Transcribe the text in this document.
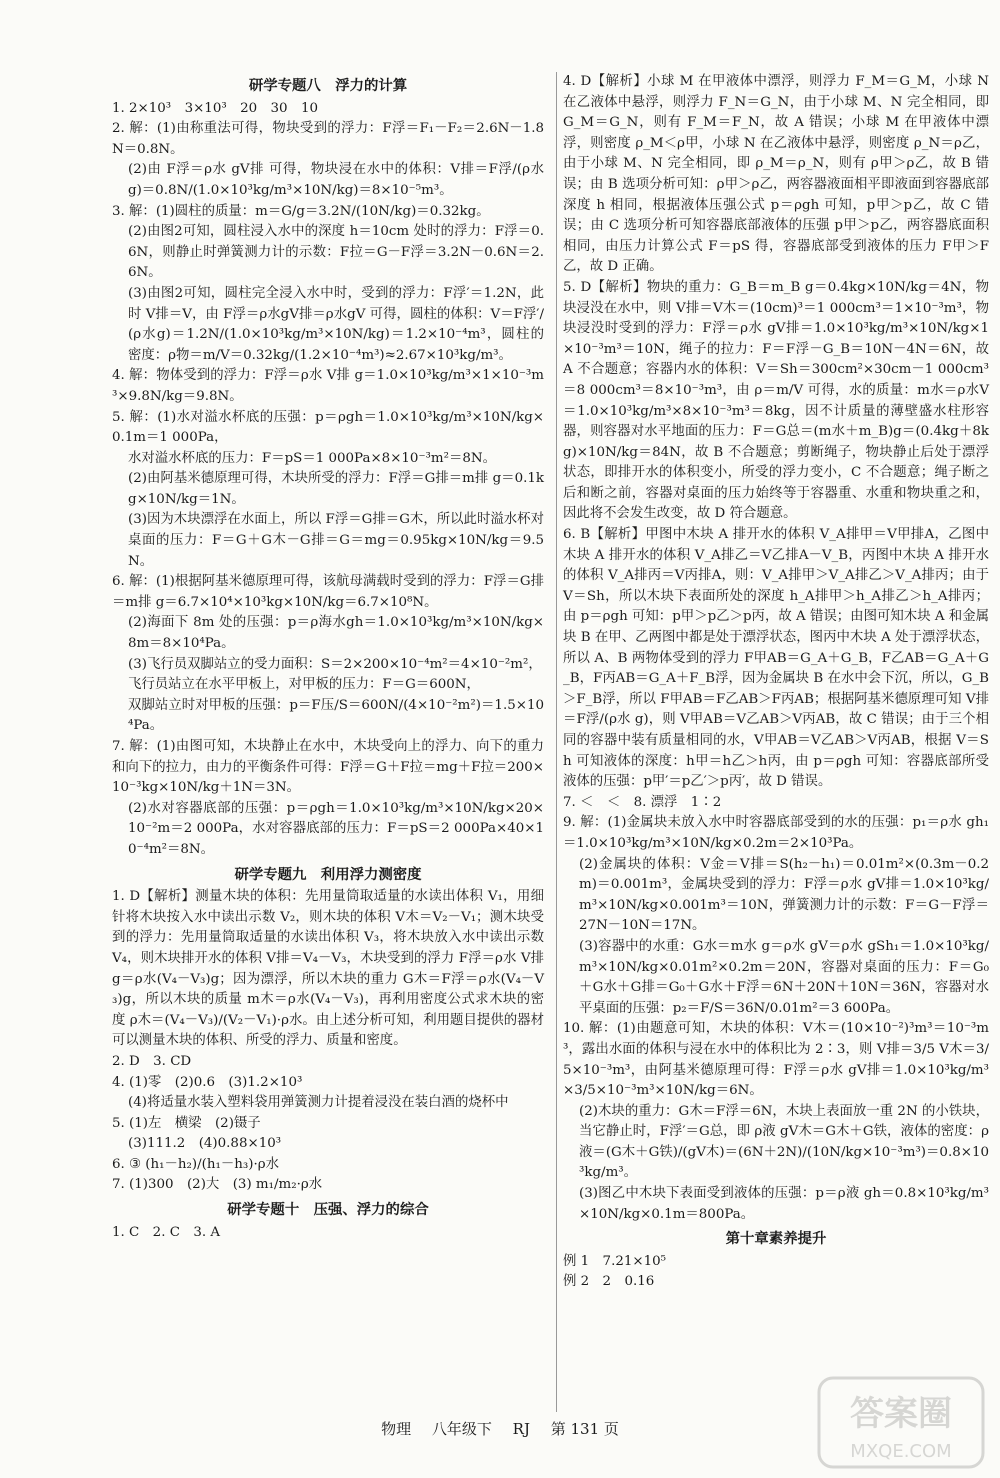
研学专题八　浮力的计算

1. 2×10³　3×10³　20　30　10

2. 解：(1)由称重法可得，物块受到的浮力：F浮＝F₁－F₂＝2.6N－1.8N＝0.8N。

(2)由 F浮＝ρ水 gV排 可得，物块浸在水中的体积：V排＝F浮/(ρ水 g)＝0.8N/(1.0×10³kg/m³×10N/kg)＝8×10⁻⁵m³。

3. 解：(1)圆柱的质量：m＝G/g＝3.2N/(10N/kg)＝0.32kg。

(2)由图2可知，圆柱浸入水中的深度 h＝10cm 处时的浮力：F浮＝0.6N，则静止时弹簧测力计的示数：F拉＝G－F浮＝3.2N－0.6N＝2.6N。

(3)由图2可知，圆柱完全浸入水中时，受到的浮力：F浮′＝1.2N，此时 V排＝V，由 F浮＝ρ水gV排＝ρ水gV 可得，圆柱的体积：V＝F浮′/(ρ水g)＝1.2N/(1.0×10³kg/m³×10N/kg)＝1.2×10⁻⁴m³，圆柱的密度：ρ物＝m/V＝0.32kg/(1.2×10⁻⁴m³)≈2.67×10³kg/m³。

4. 解：物体受到的浮力：F浮＝ρ水 V排 g＝1.0×10³kg/m³×1×10⁻³m³×9.8N/kg＝9.8N。

5. 解：(1)水对溢水杯底的压强：p＝ρgh＝1.0×10³kg/m³×10N/kg×0.1m＝1 000Pa，

水对溢水杯底的压力：F＝pS＝1 000Pa×8×10⁻³m²＝8N。

(2)由阿基米德原理可得，木块所受的浮力：F浮＝G排＝m排 g＝0.1kg×10N/kg＝1N。

(3)因为木块漂浮在水面上，所以 F浮＝G排＝G木，所以此时溢水杯对桌面的压力：F＝G＋G木－G排＝G＝mg＝0.95kg×10N/kg＝9.5N。

6. 解：(1)根据阿基米德原理可得，该航母满载时受到的浮力：F浮＝G排＝m排 g＝6.7×10⁴×10³kg×10N/kg＝6.7×10⁸N。

(2)海面下 8m 处的压强：p＝ρ海水gh＝1.0×10³kg/m³×10N/kg×8m＝8×10⁴Pa。

(3)飞行员双脚站立的受力面积：S＝2×200×10⁻⁴m²＝4×10⁻²m²，

飞行员站立在水平甲板上，对甲板的压力：F＝G＝600N，

双脚站立时对甲板的压强：p＝F压/S＝600N/(4×10⁻²m²)＝1.5×10⁴Pa。

7. 解：(1)由图可知，木块静止在水中，木块受向上的浮力、向下的重力和向下的拉力，由力的平衡条件可得：F浮＝G＋F拉＝mg＋F拉＝200×10⁻³kg×10N/kg＋1N＝3N。

(2)水对容器底部的压强：p＝ρgh＝1.0×10³kg/m³×10N/kg×20×10⁻²m＝2 000Pa，水对容器底部的压力：F＝pS＝2 000Pa×40×10⁻⁴m²＝8N。

研学专题九　利用浮力测密度

1. D【解析】测量木块的体积：先用量筒取适量的水读出体积 V₁，用细针将木块按入水中读出示数 V₂，则木块的体积 V木＝V₂－V₁；测木块受到的浮力：先用量筒取适量的水读出体积 V₃，将木块放入水中读出示数 V₄，则木块排开水的体积 V排＝V₄－V₃，木块受到的浮力 F浮＝ρ水 V排 g＝ρ水(V₄－V₃)g；因为漂浮，所以木块的重力 G木＝F浮＝ρ水(V₄－V₃)g，所以木块的质量 m木＝ρ水(V₄－V₃)，再利用密度公式求木块的密度 ρ木＝(V₄－V₃)/(V₂－V₁)·ρ水。由上述分析可知，利用题目提供的器材可以测量木块的体积、所受的浮力、质量和密度。

2. D　3. CD

4. (1)零　(2)0.6　(3)1.2×10³

(4)将适量水装入塑料袋用弹簧测力计提着浸没在装白酒的烧杯中

5. (1)左　横梁　(2)镊子

(3)111.2　(4)0.88×10³

6. ③ (h₁－h₂)/(h₁－h₃)·ρ水

7. (1)300　(2)大　(3) m₁/m₂·ρ水

研学专题十　压强、浮力的综合

1. C　2. C　3. A

4. D【解析】小球 M 在甲液体中漂浮，则浮力 F_M＝G_M，小球 N 在乙液体中悬浮，则浮力 F_N＝G_N，由于小球 M、N 完全相同，即 G_M＝G_N，则有 F_M＝F_N，故 A 错误；小球 M 在甲液体中漂浮，则密度 ρ_M＜ρ甲，小球 N 在乙液体中悬浮，则密度 ρ_N＝ρ乙，由于小球 M、N 完全相同，即 ρ_M＝ρ_N，则有 ρ甲＞ρ乙，故 B 错误；由 B 选项分析可知：ρ甲＞ρ乙，两容器液面相平即液面到容器底部深度 h 相同，根据液体压强公式 p＝ρgh 可知，p甲＞p乙，故 C 错误；由 C 选项分析可知容器底部液体的压强 p甲＞p乙，两容器底面积相同，由压力计算公式 F＝pS 得，容器底部受到液体的压力 F甲＞F乙，故 D 正确。

5. D【解析】物块的重力：G_B＝m_B g＝0.4kg×10N/kg＝4N，物块浸没在水中，则 V排＝V木＝(10cm)³＝1 000cm³＝1×10⁻³m³，物块浸没时受到的浮力：F浮＝ρ水 gV排＝1.0×10³kg/m³×10N/kg×1×10⁻³m³＝10N，绳子的拉力：F＝F浮－G_B＝10N－4N＝6N，故 A 不合题意；容器内水的体积：V＝Sh＝300cm²×30cm－1 000cm³＝8 000cm³＝8×10⁻³m³，由 ρ＝m/V 可得，水的质量：m水＝ρ水V＝1.0×10³kg/m³×8×10⁻³m³＝8kg，因不计质量的薄壁盛水柱形容器，则容器对水平地面的压力：F＝G总＝(m水＋m_B)g＝(0.4kg＋8kg)×10N/kg＝84N，故 B 不合题意；剪断绳子，物块静止后处于漂浮状态，即排开水的体积变小，所受的浮力变小，C 不合题意；绳子断之后和断之前，容器对桌面的压力始终等于容器重、水重和物块重之和，因此将不会发生改变，故 D 符合题意。

6. B【解析】甲图中木块 A 排开水的体积 V_A排甲＝V甲排A，乙图中木块 A 排开水的体积 V_A排乙＝V乙排A－V_B，丙图中木块 A 排开水的体积 V_A排丙＝V丙排A，则：V_A排甲＞V_A排乙＞V_A排丙；由于 V＝Sh，所以木块下表面所处的深度 h_A排甲＞h_A排乙＞h_A排丙；由 p＝ρgh 可知：p甲＞p乙＞p丙，故 A 错误；由图可知木块 A 和金属块 B 在甲、乙两图中都是处于漂浮状态，图丙中木块 A 处于漂浮状态，所以 A、B 两物体受到的浮力 F甲AB＝G_A＋G_B，F乙AB＝G_A＋G_B，F丙AB＝G_A＋F_B浮，因为金属块 B 在水中会下沉，所以，G_B＞F_B浮，所以 F甲AB＝F乙AB＞F丙AB；根据阿基米德原理可知 V排＝F浮/(ρ水 g)，则 V甲AB＝V乙AB＞V丙AB，故 C 错误；由于三个相同的容器中装有质量相同的水，V甲AB＝V乙AB＞V丙AB，根据 V＝Sh 可知液体的深度：h甲＝h乙＞h丙，由 p＝ρgh 可知：容器底部所受液体的压强：p甲′＝p乙′＞p丙′，故 D 错误。

7. ＜　＜　8. 漂浮　1∶2

9. 解：(1)金属块未放入水中时容器底部受到的水的压强：p₁＝ρ水 gh₁＝1.0×10³kg/m³×10N/kg×0.2m＝2×10³Pa。

(2)金属块的体积：V金＝V排＝S(h₂－h₁)＝0.01m²×(0.3m－0.2m)＝0.001m³，金属块受到的浮力：F浮＝ρ水 gV排＝1.0×10³kg/m³×10N/kg×0.001m³＝10N，弹簧测力计的示数：F＝G－F浮＝27N－10N＝17N。

(3)容器中的水重：G水＝m水 g＝ρ水 gV＝ρ水 gSh₁＝1.0×10³kg/m³×10N/kg×0.01m²×0.2m＝20N，容器对桌面的压力：F＝G₀＋G水＋G排＝G₀＋G水＋F浮＝6N＋20N＋10N＝36N，容器对水平桌面的压强：p₂＝F/S＝36N/0.01m²＝3 600Pa。

10. 解：(1)由题意可知，木块的体积：V木＝(10×10⁻²)³m³＝10⁻³m³，露出水面的体积与浸在水中的体积比为 2∶3，则 V排＝3/5 V木＝3/5×10⁻³m³，由阿基米德原理可得：F浮＝ρ水 gV排＝1.0×10³kg/m³×3/5×10⁻³m³×10N/kg＝6N。

(2)木块的重力：G木＝F浮＝6N，木块上表面放一重 2N 的小铁块，当它静止时，F浮′＝G总，即 ρ液 gV木＝G木＋G铁，液体的密度：ρ液＝(G木＋G铁)/(gV木)＝(6N＋2N)/(10N/kg×10⁻³m³)＝0.8×10³kg/m³。

(3)图乙中木块下表面受到液体的压强：p＝ρ液 gh＝0.8×10³kg/m³×10N/kg×0.1m＝800Pa。

第十章素养提升

例 1　7.21×10⁵

例 2　2　0.16

物理 八年级下 RJ 第 131 页	答案圈
MXQE.COM
